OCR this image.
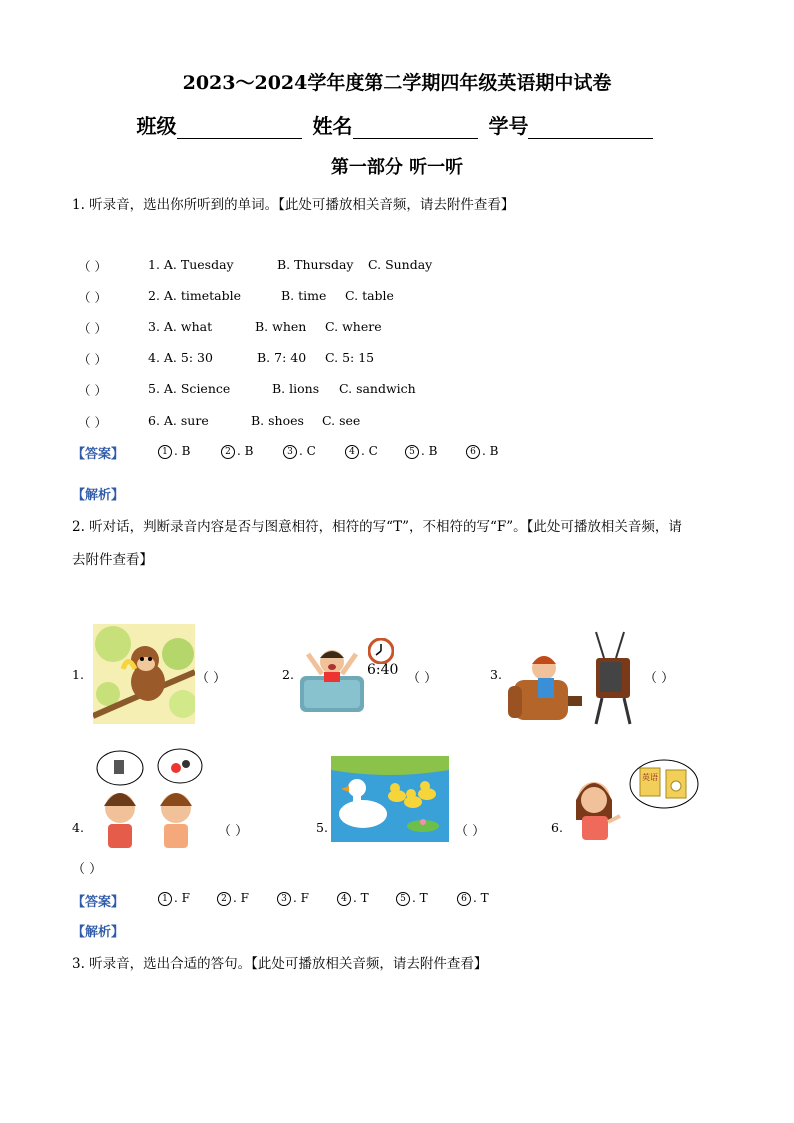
2023～2024学年度第二学期四年级英语期中试卷
班级	姓名	学号
第一部分 听一听
1. 听录音，选出你所听到的单词。【此处可播放相关音频，请去附件查看】
（ ）	1. A. Tuesday	B. Thursday C. Sunday
（ ）	2. A. timetable	B. time C. table
（ ）	3. A. what	B. when C. where
（ ）	4. A. 5: 30	B. 7: 40 C. 5: 15
（ ）	5. A. Science	B. lions C. sandwich
（ ）	6. A. sure	B. shoes C. see
【答案】	1 . B	2 . B	3 . C	4 . C	5 . B	6 . B
【解析】
2. 听对话，判断录音内容是否与图意相符，相符的写“T”，不相符的写“F”。【此处可播放相关音频，请
去附件查看】
1.	（ ）	2.	6:40
（ ）	3.	（ ）
4.	（ ）	5.	（ ）	6.
英语
（ ）
【答案】	1 . F	2 . F	3 . F	4 . T	5 . T	6 . T
【解析】
3. 听录音，选出合适的答句。【此处可播放相关音频，请去附件查看】
